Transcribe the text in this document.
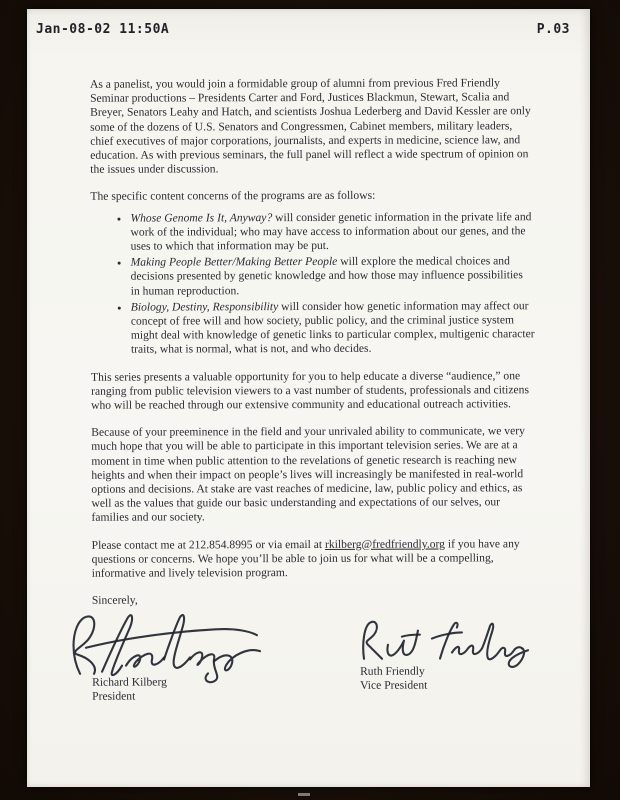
Jan-08-02 11:50A	P.03

As a panelist, you would join a formidable group of alumni from previous Fred Friendly Seminar productions – Presidents Carter and Ford, Justices Blackmun, Stewart, Scalia and Breyer, Senators Leahy and Hatch, and scientists Joshua Lederberg and David Kessler are only some of the dozens of U.S. Senators and Congressmen, Cabinet members, military leaders, chief executives of major corporations, journalists, and experts in medicine, science law, and education. As with previous seminars, the full panel will reflect a wide spectrum of opinion on the issues under discussion.

The specific content concerns of the programs are as follows:

• Whose Genome Is It, Anyway? will consider genetic information in the private life and work of the individual; who may have access to information about our genes, and the uses to which that information may be put.
• Making People Better/Making Better People will explore the medical choices and decisions presented by genetic knowledge and how those may influence possibilities in human reproduction.
• Biology, Destiny, Responsibility will consider how genetic information may affect our concept of free will and how society, public policy, and the criminal justice system might deal with knowledge of genetic links to particular complex, multigenic character traits, what is normal, what is not, and who decides.

This series presents a valuable opportunity for you to help educate a diverse “audience,” one ranging from public television viewers to a vast number of students, professionals and citizens who will be reached through our extensive community and educational outreach activities.

Because of your preeminence in the field and your unrivaled ability to communicate, we very much hope that you will be able to participate in this important television series. We are at a moment in time when public attention to the revelations of genetic research is reaching new heights and when their impact on people’s lives will increasingly be manifested in real-world options and decisions. At stake are vast reaches of medicine, law, public policy and ethics, as well as the values that guide our basic understanding and expectations of our selves, our families and our society.

Please contact me at 212.854.8995 or via email at rkilberg@fredfriendly.org if you have any questions or concerns. We hope you’ll be able to join us for what will be a compelling, informative and lively television program.

Sincerely,

Richard Kilberg
President
Ruth Friendly
Vice President
